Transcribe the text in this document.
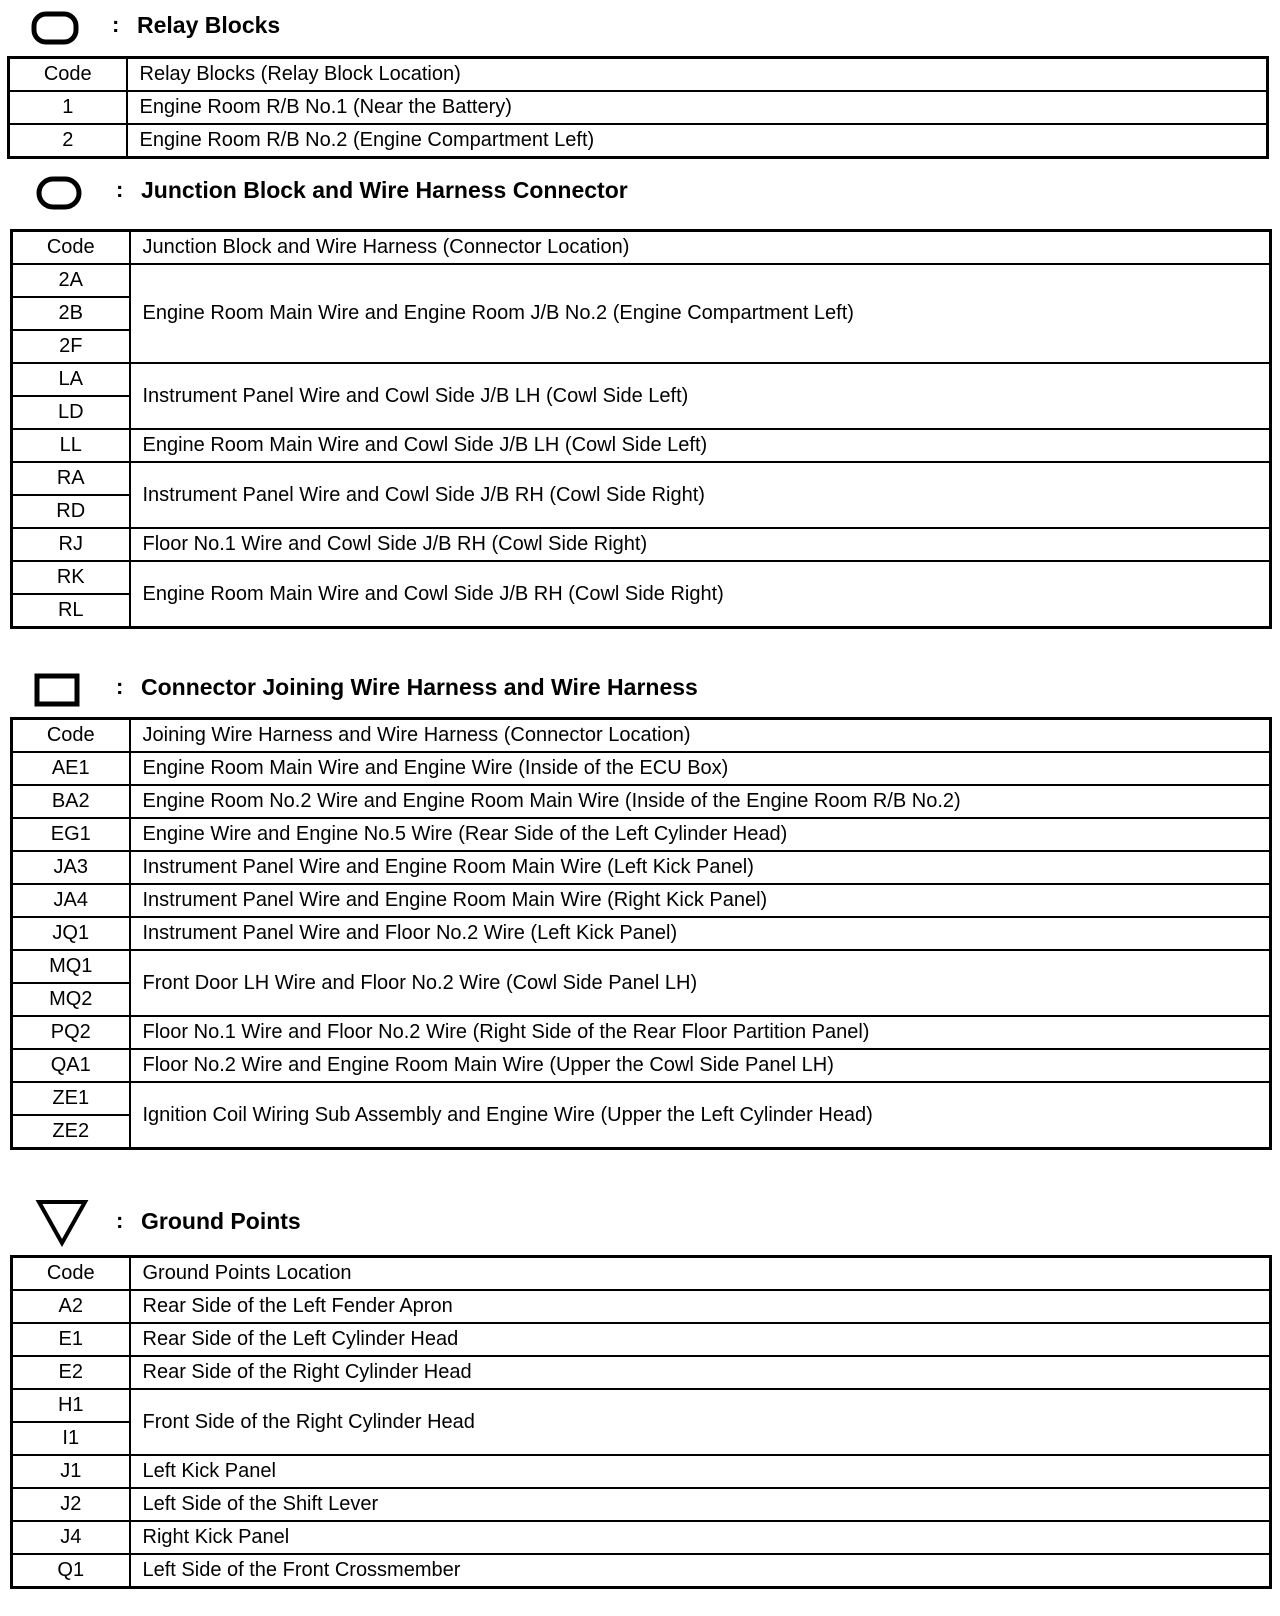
: Relay Blocks
Code	Relay Blocks (Relay Block Location)
1	Engine Room R/B No.1 (Near the Battery)
2	Engine Room R/B No.2 (Engine Compartment Left)
: Junction Block and Wire Harness Connector
Code	Junction Block and Wire Harness (Connector Location)
2A	Engine Room Main Wire and Engine Room J/B No.2 (Engine Compartment Left)
2B	
2F	
LA	Instrument Panel Wire and Cowl Side J/B LH (Cowl Side Left)
LD	
LL	Engine Room Main Wire and Cowl Side J/B LH (Cowl Side Left)
RA	Instrument Panel Wire and Cowl Side J/B RH (Cowl Side Right)
RD	
RJ	Floor No.1 Wire and Cowl Side J/B RH (Cowl Side Right)
RK	Engine Room Main Wire and Cowl Side J/B RH (Cowl Side Right)
RL	
: Connector Joining Wire Harness and Wire Harness
Code	Joining Wire Harness and Wire Harness (Connector Location)
AE1	Engine Room Main Wire and Engine Wire (Inside of the ECU Box)
BA2	Engine Room No.2 Wire and Engine Room Main Wire (Inside of the Engine Room R/B No.2)
EG1	Engine Wire and Engine No.5 Wire (Rear Side of the Left Cylinder Head)
JA3	Instrument Panel Wire and Engine Room Main Wire (Left Kick Panel)
JA4	Instrument Panel Wire and Engine Room Main Wire (Right Kick Panel)
JQ1	Instrument Panel Wire and Floor No.2 Wire (Left Kick Panel)
MQ1	Front Door LH Wire and Floor No.2 Wire (Cowl Side Panel LH)
MQ2	
PQ2	Floor No.1 Wire and Floor No.2 Wire (Right Side of the Rear Floor Partition Panel)
QA1	Floor No.2 Wire and Engine Room Main Wire (Upper the Cowl Side Panel LH)
ZE1	Ignition Coil Wiring Sub Assembly and Engine Wire (Upper the Left Cylinder Head)
ZE2	
: Ground Points
Code	Ground Points Location
A2	Rear Side of the Left Fender Apron
E1	Rear Side of the Left Cylinder Head
E2	Rear Side of the Right Cylinder Head
H1	Front Side of the Right Cylinder Head
I1	
J1	Left Kick Panel
J2	Left Side of the Shift Lever
J4	Right Kick Panel
Q1	Left Side of the Front Crossmember
